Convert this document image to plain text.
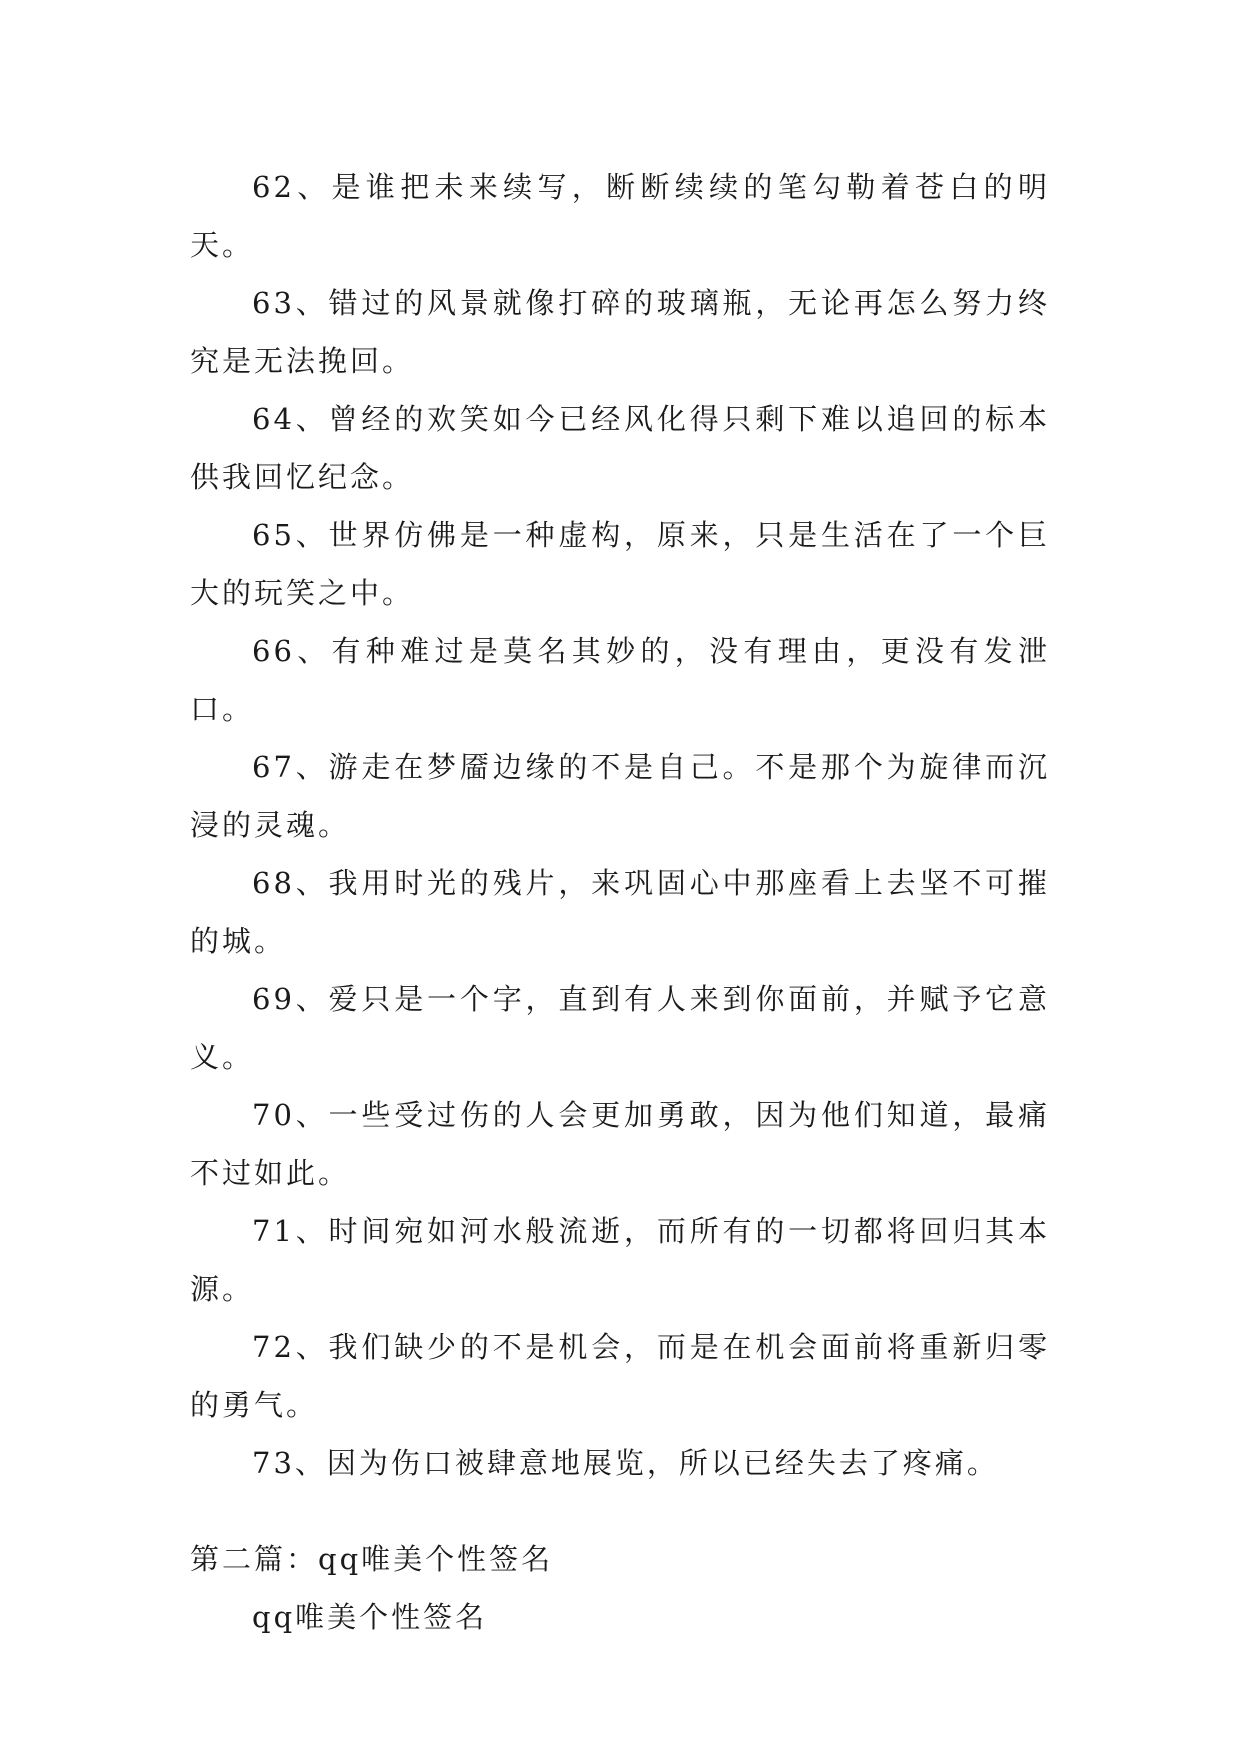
62、是谁把未来续写，断断续续的笔勾勒着苍白的明天。

63、错过的风景就像打碎的玻璃瓶，无论再怎么努力终究是无法挽回。

64、曾经的欢笑如今已经风化得只剩下难以追回的标本供我回忆纪念。

65、世界仿佛是一种虚构，原来，只是生活在了一个巨大的玩笑之中。

66、有种难过是莫名其妙的，没有理由，更没有发泄口。

67、游走在梦靥边缘的不是自己。不是那个为旋律而沉浸的灵魂。

68、我用时光的残片，来巩固心中那座看上去坚不可摧的城。

69、爱只是一个字，直到有人来到你面前，并赋予它意义。

70、一些受过伤的人会更加勇敢，因为他们知道，最痛不过如此。

71、时间宛如河水般流逝，而所有的一切都将回归其本源。

72、我们缺少的不是机会，而是在机会面前将重新归零的勇气。

73、因为伤口被肆意地展览，所以已经失去了疼痛。

第二篇：qq唯美个性签名

qq唯美个性签名
